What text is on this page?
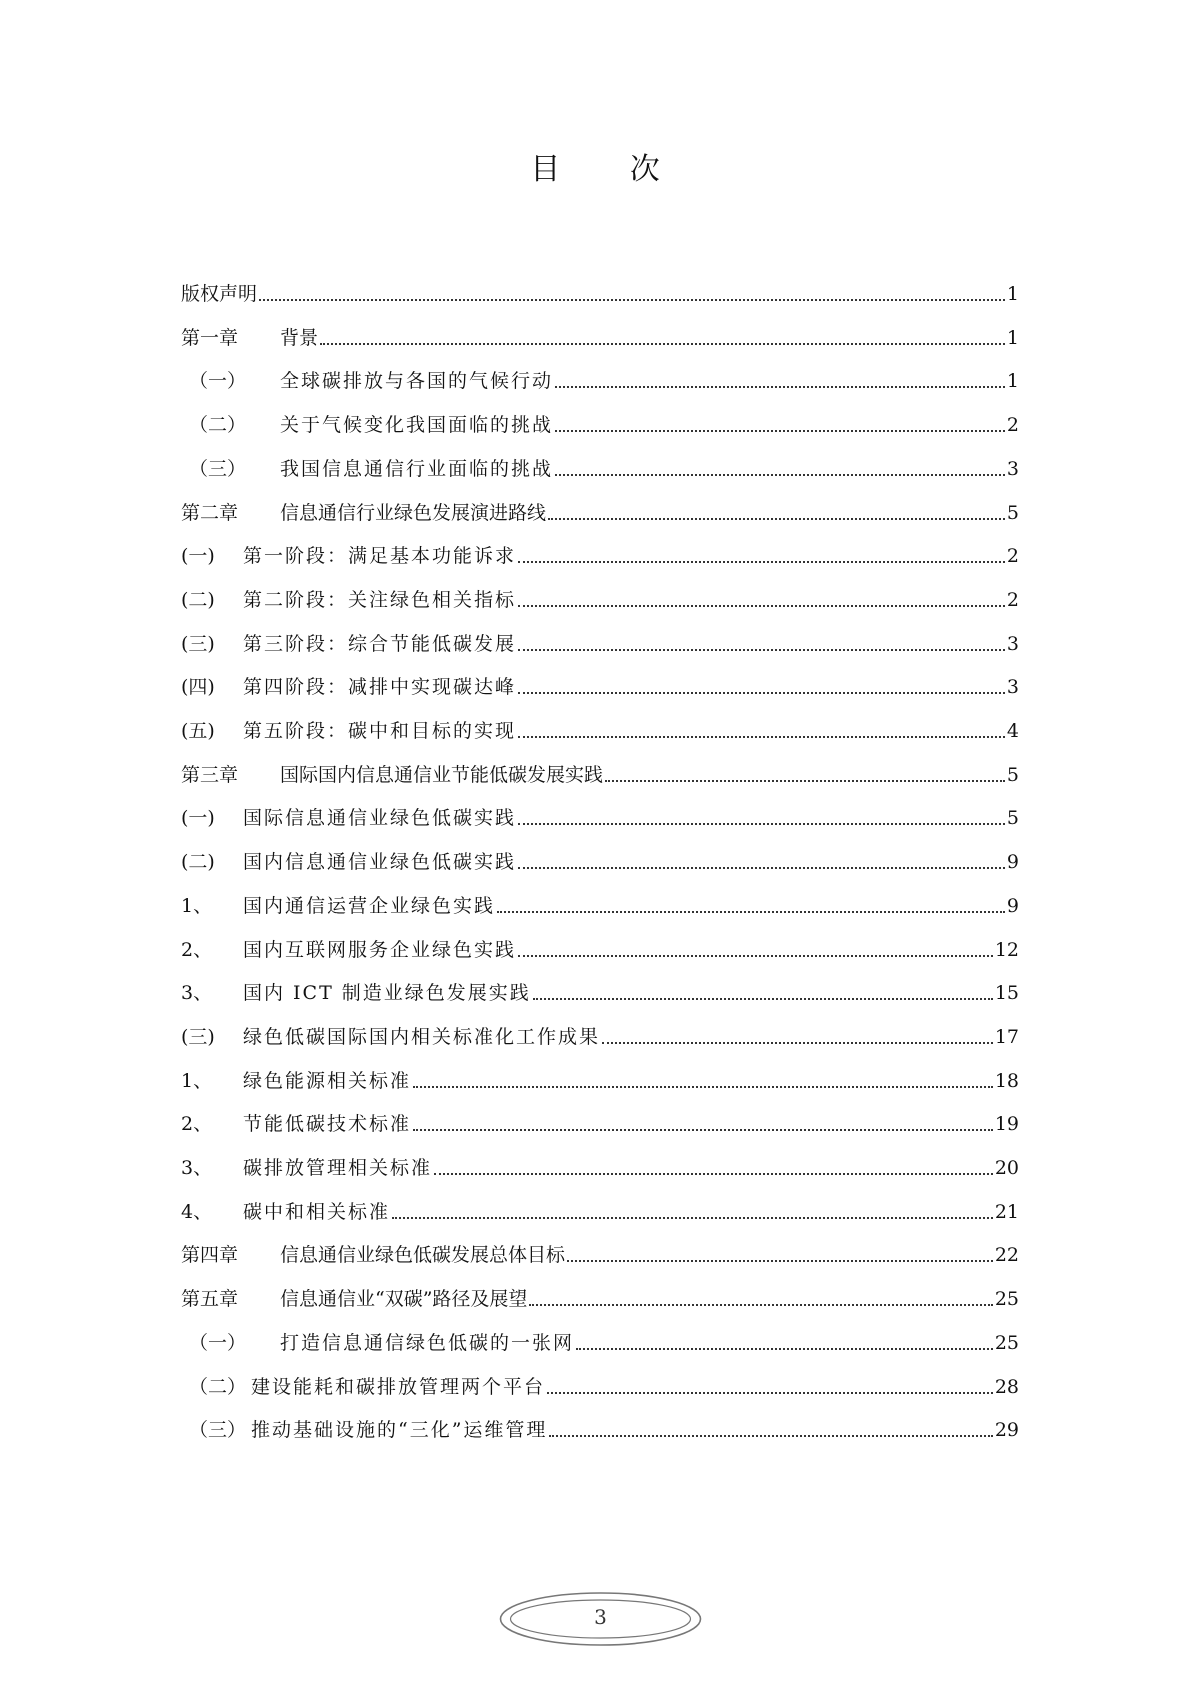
目 次
版权声明	1
第一章	背景	1
（一）	全球碳排放与各国的气候行动	1
（二）	关于气候变化我国面临的挑战	2
（三）	我国信息通信行业面临的挑战	3
第二章	信息通信行业绿色发展演进路线	5
(一)	第一阶段：满足基本功能诉求	2
(二)	第二阶段：关注绿色相关指标	2
(三)	第三阶段：综合节能低碳发展	3
(四)	第四阶段：减排中实现碳达峰	3
(五)	第五阶段：碳中和目标的实现	4
第三章	国际国内信息通信业节能低碳发展实践	5
(一)	国际信息通信业绿色低碳实践	5
(二)	国内信息通信业绿色低碳实践	9
1、	国内通信运营企业绿色实践	9
2、	国内互联网服务企业绿色实践	12
3、	国内 ICT 制造业绿色发展实践	15
(三)	绿色低碳国际国内相关标准化工作成果	17
1、	绿色能源相关标准	18
2、	节能低碳技术标准	19
3、	碳排放管理相关标准	20
4、	碳中和相关标准	21
第四章	信息通信业绿色低碳发展总体目标	22
第五章	信息通信业“双碳”路径及展望	25
（一）	打造信息通信绿色低碳的一张网	25
（二） 建设能耗和碳排放管理两个平台	28
（三） 推动基础设施的“三化”运维管理	29
3
